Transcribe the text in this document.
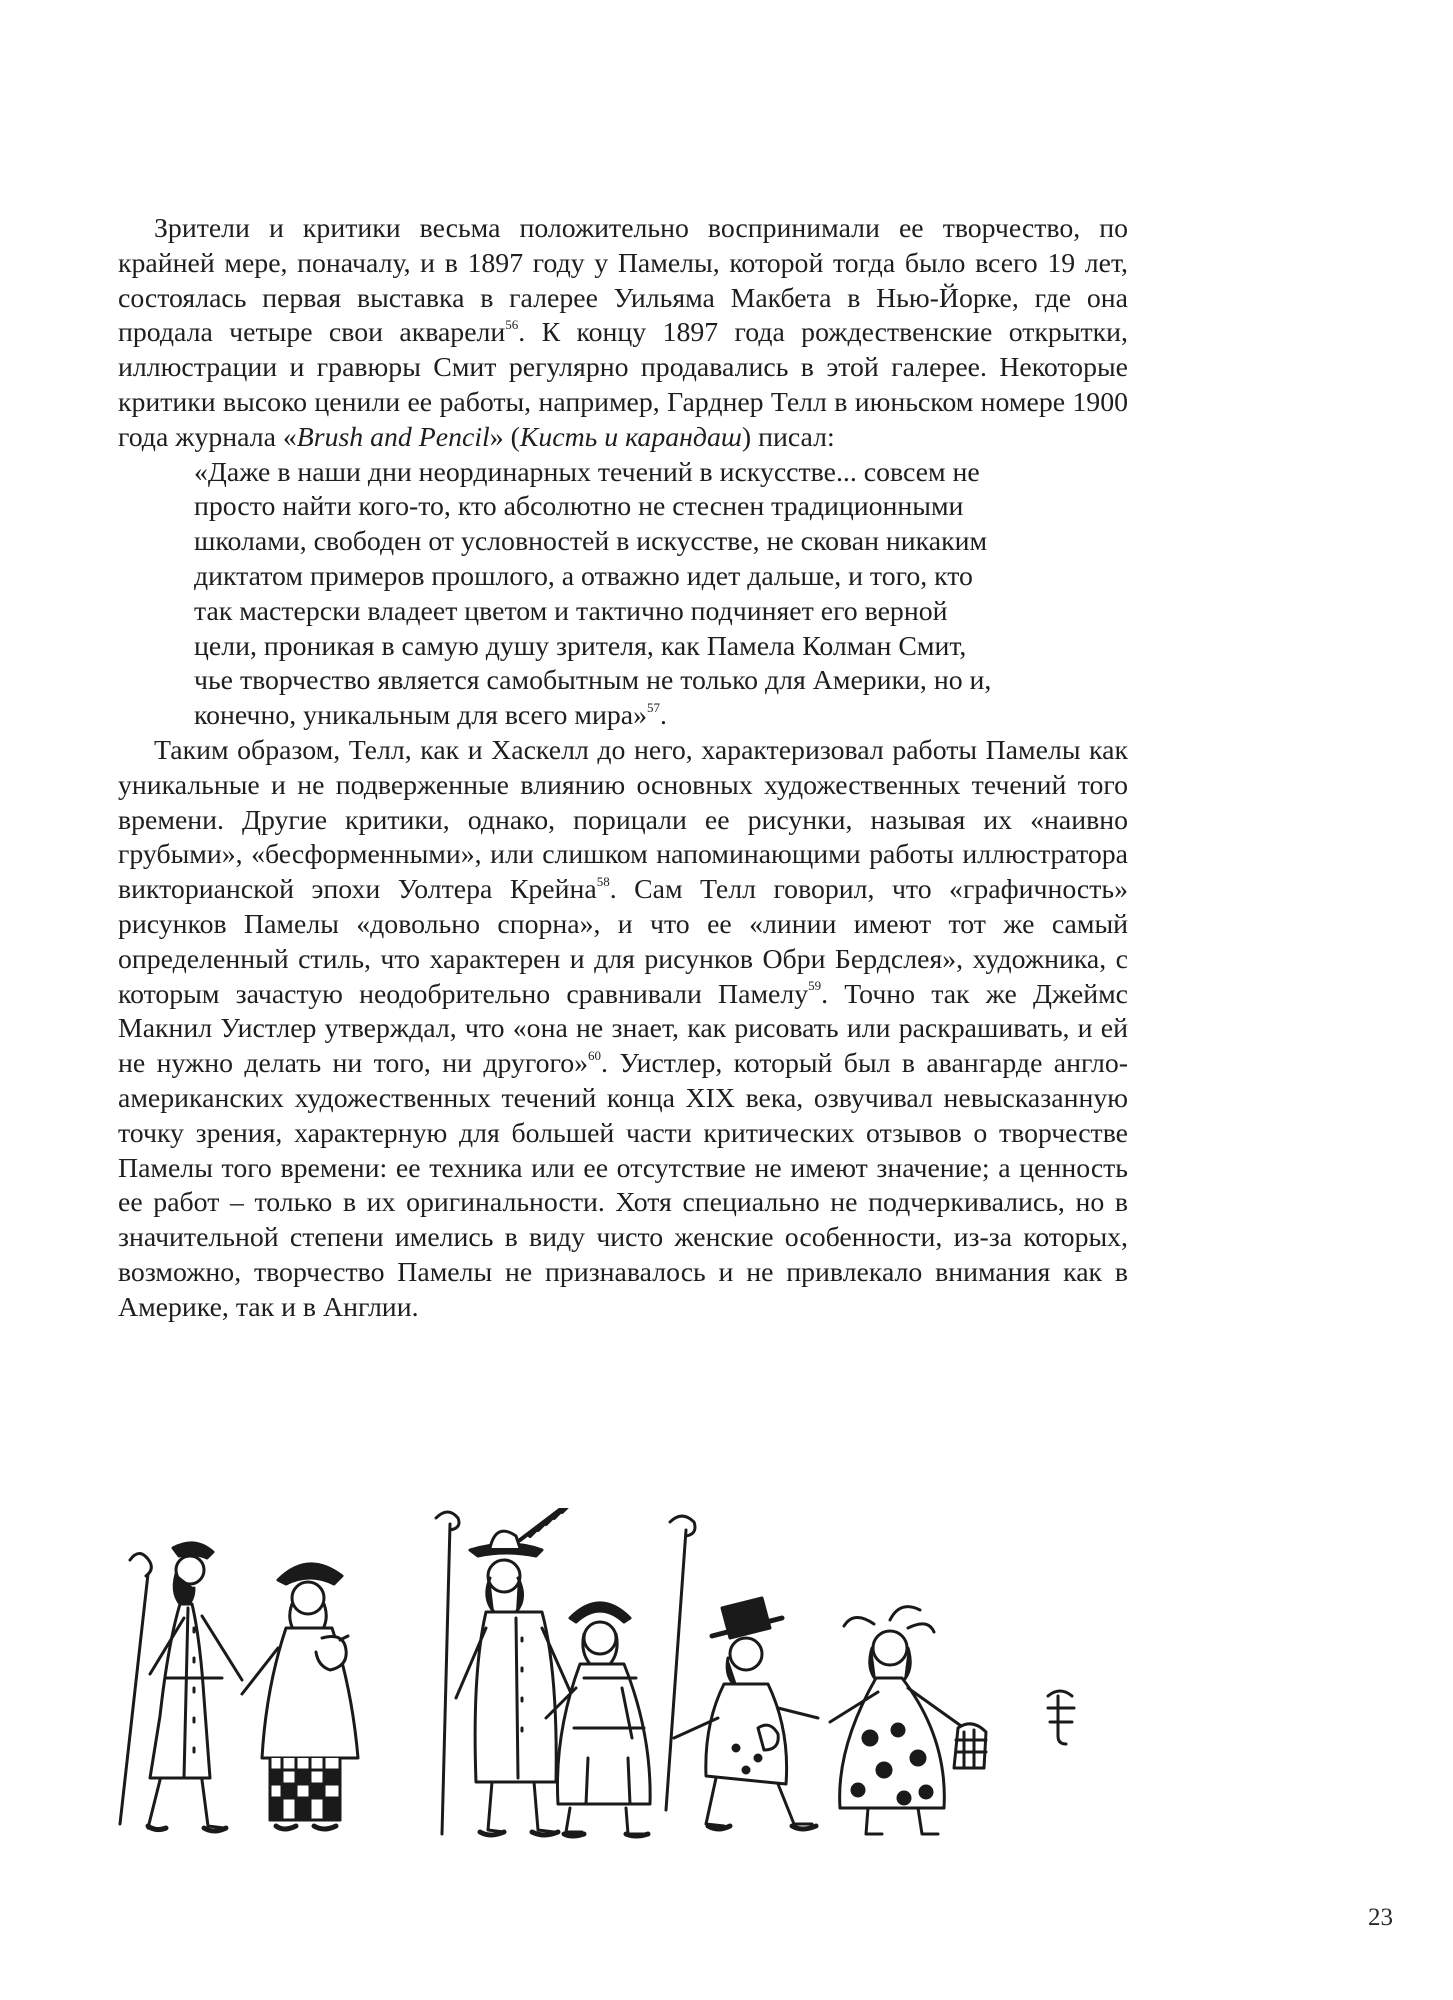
Зрители и критики весьма положительно воспринимали ее творчество, по крайней мере, поначалу, и в 1897 году у Памелы, которой тогда было всего 19 лет, состоялась первая выставка в галерее Уильяма Макбета в Нью-Йорке, где она продала четыре свои акварели$^{56}$. К концу 1897 года рождественские открытки, иллюстрации и гравюры Смит регулярно продавались в этой галерее. Некоторые критики высоко ценили ее работы, например, Гарднер Телл в июньском номере 1900 года журнала «Brush and Pencil» (Кисть и карандаш) писал:

«Даже в наши дни неординарных течений в искусстве... совсем не
просто найти кого-то, кто абсолютно не стеснен традиционными
школами, свободен от условностей в искусстве, не скован никаким
диктатом примеров прошлого, а отважно идет дальше, и того, кто
так мастерски владеет цветом и тактично подчиняет его верной
цели, проникая в самую душу зрителя, как Памела Колман Смит,
чье творчество является самобытным не только для Америки, но и,
конечно, уникальным для всего мира»$^{57}$.

Таким образом, Телл, как и Хаскелл до него, характеризовал работы Памелы как уникальные и не подверженные влиянию основных художественных течений того времени. Другие критики, однако, порицали ее рисунки, называя их «наивно грубыми», «бесформенными», или слишком напоминающими работы иллюстратора викторианской эпохи Уолтера Крейна$^{58}$. Сам Телл говорил, что «графичность» рисунков Памелы «довольно спорна», и что ее «линии имеют тот же самый определенный стиль, что характерен и для рисунков Обри Бердслея», художника, с которым зачастую неодобрительно сравнивали Памелу$^{59}$. Точно так же Джеймс Макнил Уистлер утверждал, что «она не знает, как рисовать или раскрашивать, и ей не нужно делать ни того, ни другого»$^{60}$. Уистлер, который был в авангарде англо-американских художественных течений конца XIX века, озвучивал невысказанную точку зрения, характерную для большей части критических отзывов о творчестве Памелы того времени: ее техника или ее отсутствие не имеют значение; а ценность ее работ – только в их оригинальности. Хотя специально не подчеркивались, но в значительной степени имелись в виду чисто женские особенности, из-за которых, возможно, творчество Памелы не признавалось и не привлекало внимания как в Америке, так и в Англии.

23
